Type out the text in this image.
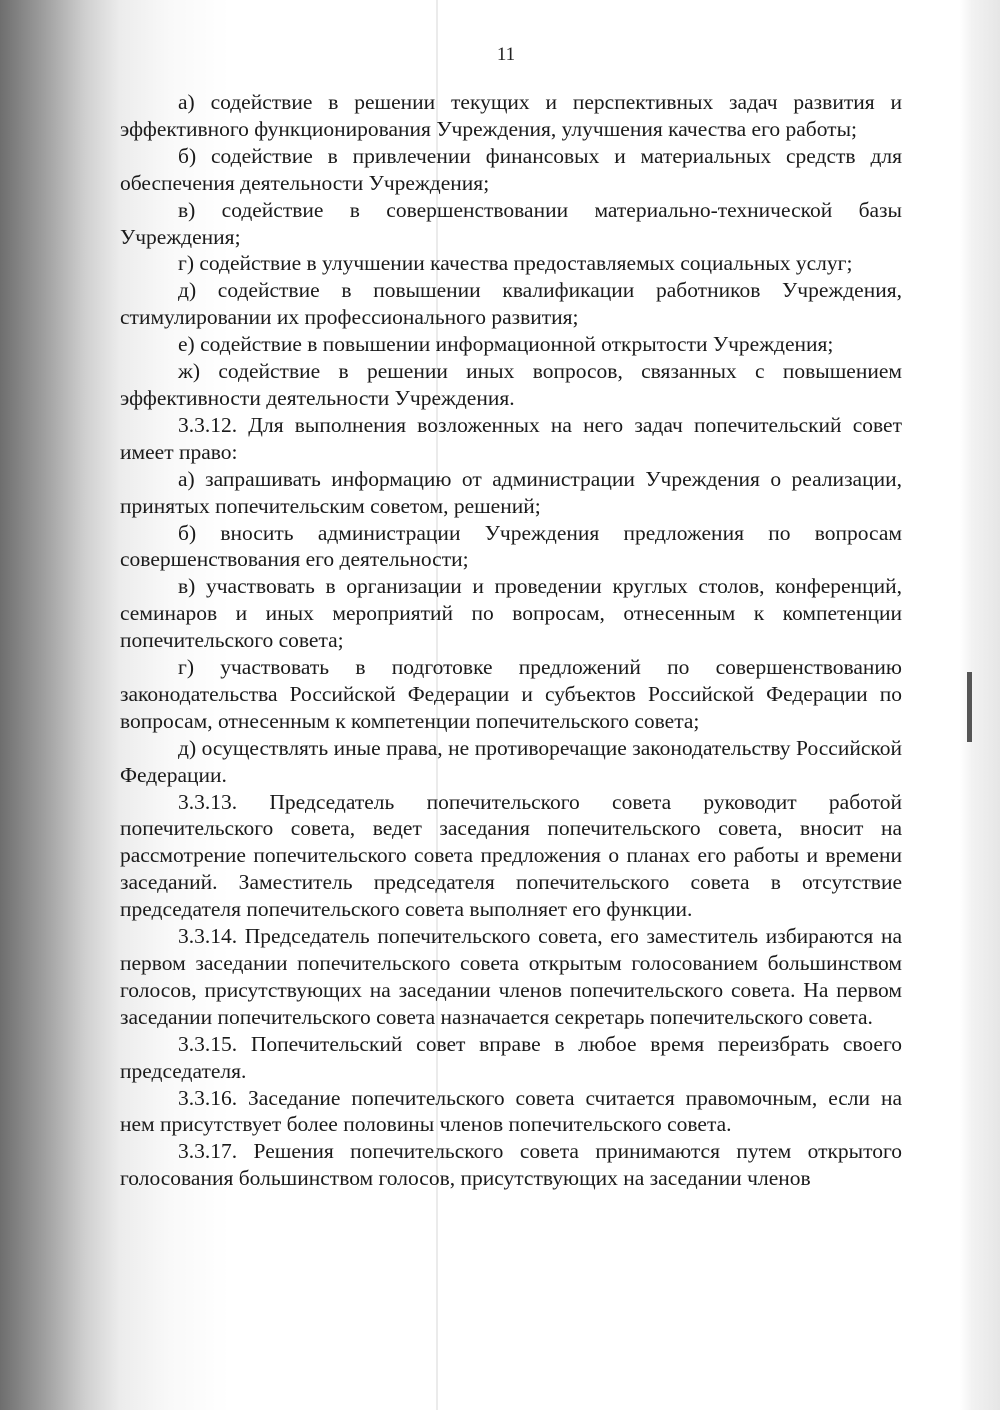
11

а) содействие в решении текущих и перспективных задач развития и эффективного функционирования Учреждения, улучшения качества его работы;

б) содействие в привлечении финансовых и материальных средств для обеспечения деятельности Учреждения;

в) содействие в совершенствовании материально-технической базы Учреждения;

г) содействие в улучшении качества предоставляемых социальных услуг;

д) содействие в повышении квалификации работников Учреждения, стимулировании их профессионального развития;

е) содействие в повышении информационной открытости Учреждения;

ж) содействие в решении иных вопросов, связанных с повышением эффективности деятельности Учреждения.

3.3.12. Для выполнения возложенных на него задач попечительский совет имеет право:

а) запрашивать информацию от администрации Учреждения о реализации, принятых попечительским советом, решений;

б) вносить администрации Учреждения предложения по вопросам совершенствования его деятельности;

в) участвовать в организации и проведении круглых столов, конференций, семинаров и иных мероприятий по вопросам, отнесенным к компетенции попечительского совета;

г) участвовать в подготовке предложений по совершенствованию законодательства Российской Федерации и субъектов Российской Федерации по вопросам, отнесенным к компетенции попечительского совета;

д) осуществлять иные права, не противоречащие законодательству Российской Федерации.

3.3.13. Председатель попечительского совета руководит работой попечительского совета, ведет заседания попечительского совета, вносит на рассмотрение попечительского совета предложения о планах его работы и времени заседаний. Заместитель председателя попечительского совета в отсутствие председателя попечительского совета выполняет его функции.

3.3.14. Председатель попечительского совета, его заместитель избираются на первом заседании попечительского совета открытым голосованием большинством голосов, присутствующих на заседании членов попечительского совета. На первом заседании попечительского совета назначается секретарь попечительского совета.

3.3.15. Попечительский совет вправе в любое время переизбрать своего председателя.

3.3.16. Заседание попечительского совета считается правомочным, если на нем присутствует более половины членов попечительского совета.

3.3.17. Решения попечительского совета принимаются путем открытого голосования большинством голосов, присутствующих на заседании членов
